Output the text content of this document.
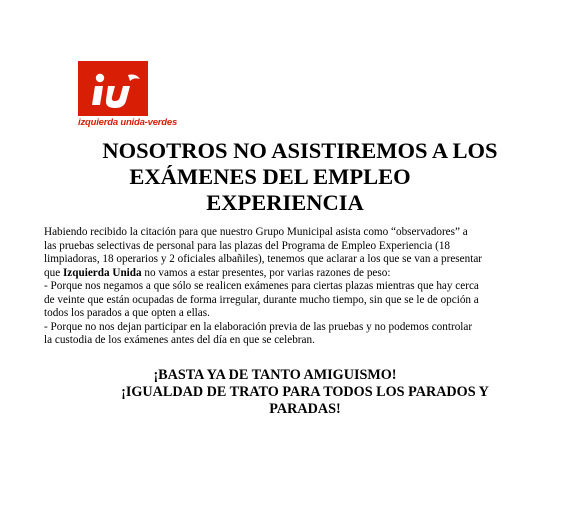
izquierda unida-verdes
NOSOTROS NO ASISTIREMOS A LOS
EXÁMENES DEL EMPLEO
EXPERIENCIA
Habiendo recibido la citación para que nuestro Grupo Municipal asista como “observadores” a
las pruebas selectivas de personal para las plazas del Programa de Empleo Experiencia (18
limpiadoras, 18 operarios y 2 oficiales albañiles), tenemos que aclarar a los que se van a presentar
que Izquierda Unida no vamos a estar presentes, por varias razones de peso:
- Porque nos negamos a que sólo se realicen exámenes para ciertas plazas mientras que hay cerca
de veinte que están ocupadas de forma irregular, durante mucho tiempo, sin que se le de opción a
todos los parados a que opten a ellas.
- Porque no nos dejan participar en la elaboración previa de las pruebas y no podemos controlar
la custodia de los exámenes antes del día en que se celebran.
¡BASTA YA DE TANTO AMIGUISMO!
¡IGUALDAD DE TRATO PARA TODOS LOS PARADOS Y
PARADAS!
